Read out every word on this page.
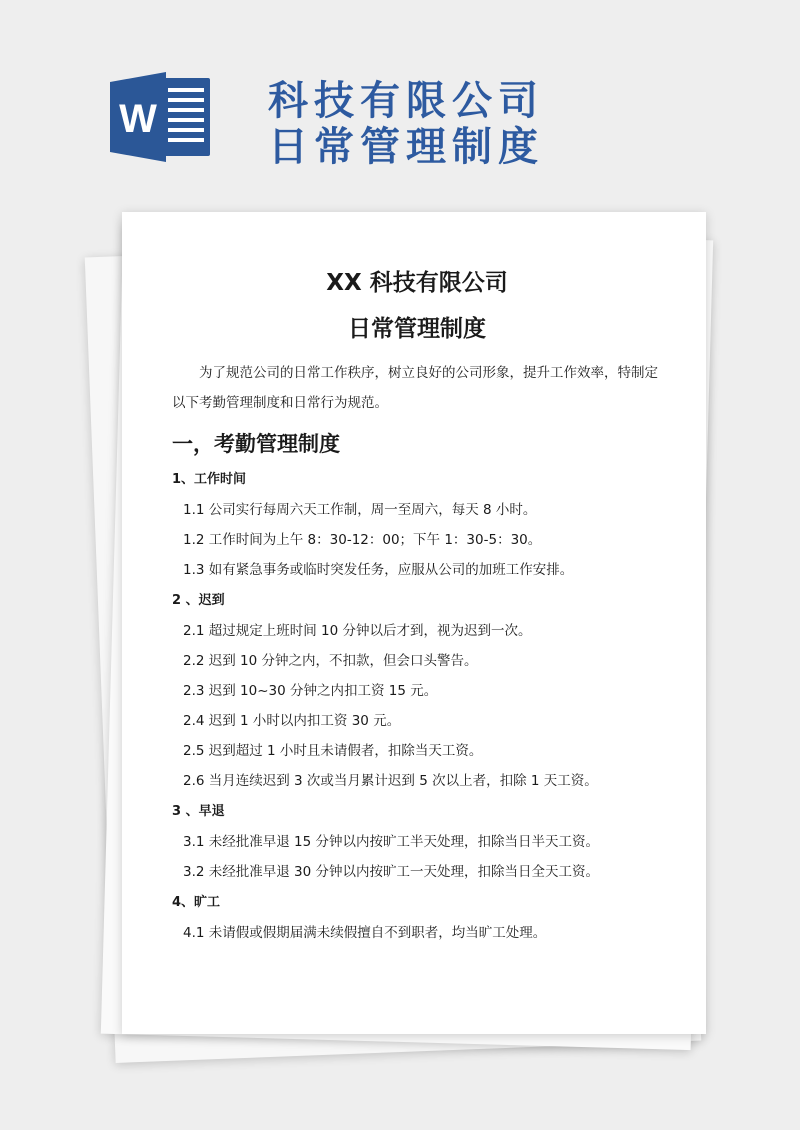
W	科技有限公司
日常管理制度
XX 科技有限公司
日常管理制度
为了规范公司的日常工作秩序，树立良好的公司形象，提升工作效率，特制定以下考勤管理制度和日常行为规范。
一，考勤管理制度
1、工作时间
1.1 公司实行每周六天工作制，周一至周六，每天 8 小时。
1.2 工作时间为上午 8：30-12：00；下午 1：30-5：30。
1.3 如有紧急事务或临时突发任务，应服从公司的加班工作安排。
2 、迟到
2.1 超过规定上班时间 10 分钟以后才到，视为迟到一次。
2.2 迟到 10 分钟之内，不扣款，但会口头警告。
2.3 迟到 10~30 分钟之内扣工资 15 元。
2.4 迟到 1 小时以内扣工资 30 元。
2.5 迟到超过 1 小时且未请假者，扣除当天工资。
2.6 当月连续迟到 3 次或当月累计迟到 5 次以上者，扣除 1 天工资。
3 、早退
3.1 未经批准早退 15 分钟以内按旷工半天处理，扣除当日半天工资。
3.2 未经批准早退 30 分钟以内按旷工一天处理，扣除当日全天工资。
4、旷工
4.1 未请假或假期届满未续假擅自不到职者，均当旷工处理。
